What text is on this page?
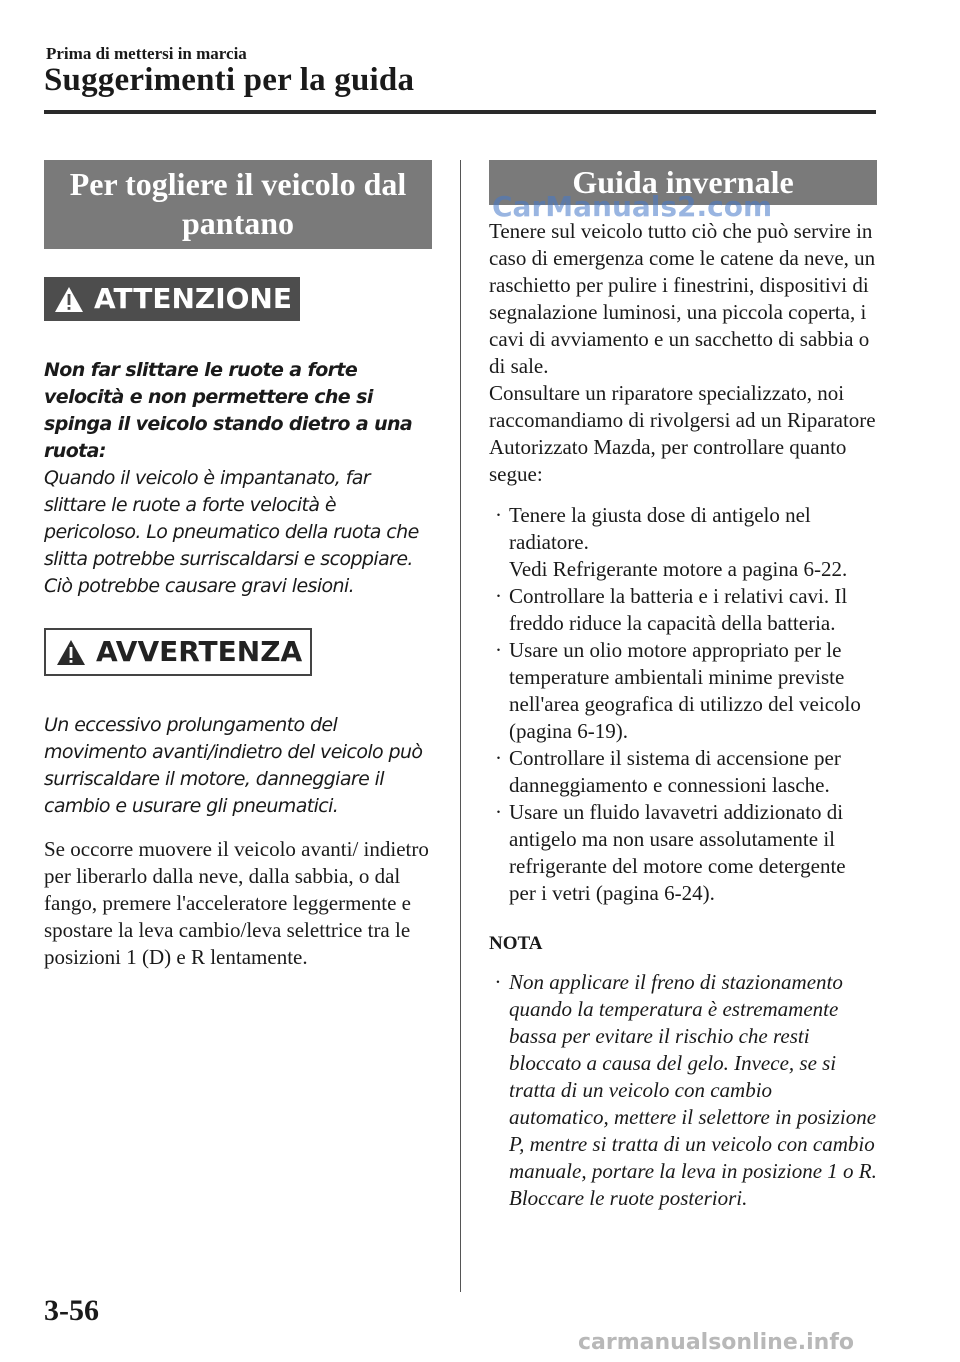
Prima di mettersi in marcia
Suggerimenti per la guida
Per togliere il veicolo dal pantano
ATTENZIONE

Non far slittare le ruote a forte velocità e non permettere che si spinga il veicolo stando dietro a una ruota:

Quando il veicolo è impantanato, far slittare le ruote a forte velocità è pericoloso. Lo pneumatico della ruota che slitta potrebbe surriscaldarsi e scoppiare. Ciò potrebbe causare gravi lesioni.

AVVERTENZA

Un eccessivo prolungamento del movimento avanti/indietro del veicolo può surriscaldare il motore, danneggiare il cambio e usurare gli pneumatici.

Se occorre muovere il veicolo avanti/ indietro per liberarlo dalla neve, dalla sabbia, o dal fango, premere l'acceleratore leggermente e spostare la leva cambio/leva selettrice tra le posizioni 1 (D) e R lentamente.

Guida invernale

Tenere sul veicolo tutto ciò che può servire in caso di emergenza come le catene da neve, un raschietto per pulire i finestrini, dispositivi di segnalazione luminosi, una piccola coperta, i cavi di avviamento e un sacchetto di sabbia o di sale.

Consultare un riparatore specializzato, noi raccomandiamo di rivolgersi ad un Riparatore Autorizzato Mazda, per controllare quanto segue:

· Tenere la giusta dose di antigelo nel radiatore.
Vedi Refrigerante motore a pagina 6-22.
· Controllare la batteria e i relativi cavi. Il freddo riduce la capacità della batteria.
· Usare un olio motore appropriato per le temperature ambientali minime previste nell'area geografica di utilizzo del veicolo (pagina 6-19).
· Controllare il sistema di accensione per danneggiamento e connessioni lasche.
· Usare un fluido lavavetri addizionato di antigelo ma non usare assolutamente il refrigerante del motore come detergente per i vetri (pagina 6-24).
NOTA
· Non applicare il freno di stazionamento quando la temperatura è estremamente bassa per evitare il rischio che resti bloccato a causa del gelo. Invece, se si tratta di un veicolo con cambio automatico, mettere il selettore in posizione P, mentre si tratta di un veicolo con cambio manuale, portare la leva in posizione 1 o R. Bloccare le ruote posteriori.
3-56
CarManuals2.com
carmanualsonline.info
